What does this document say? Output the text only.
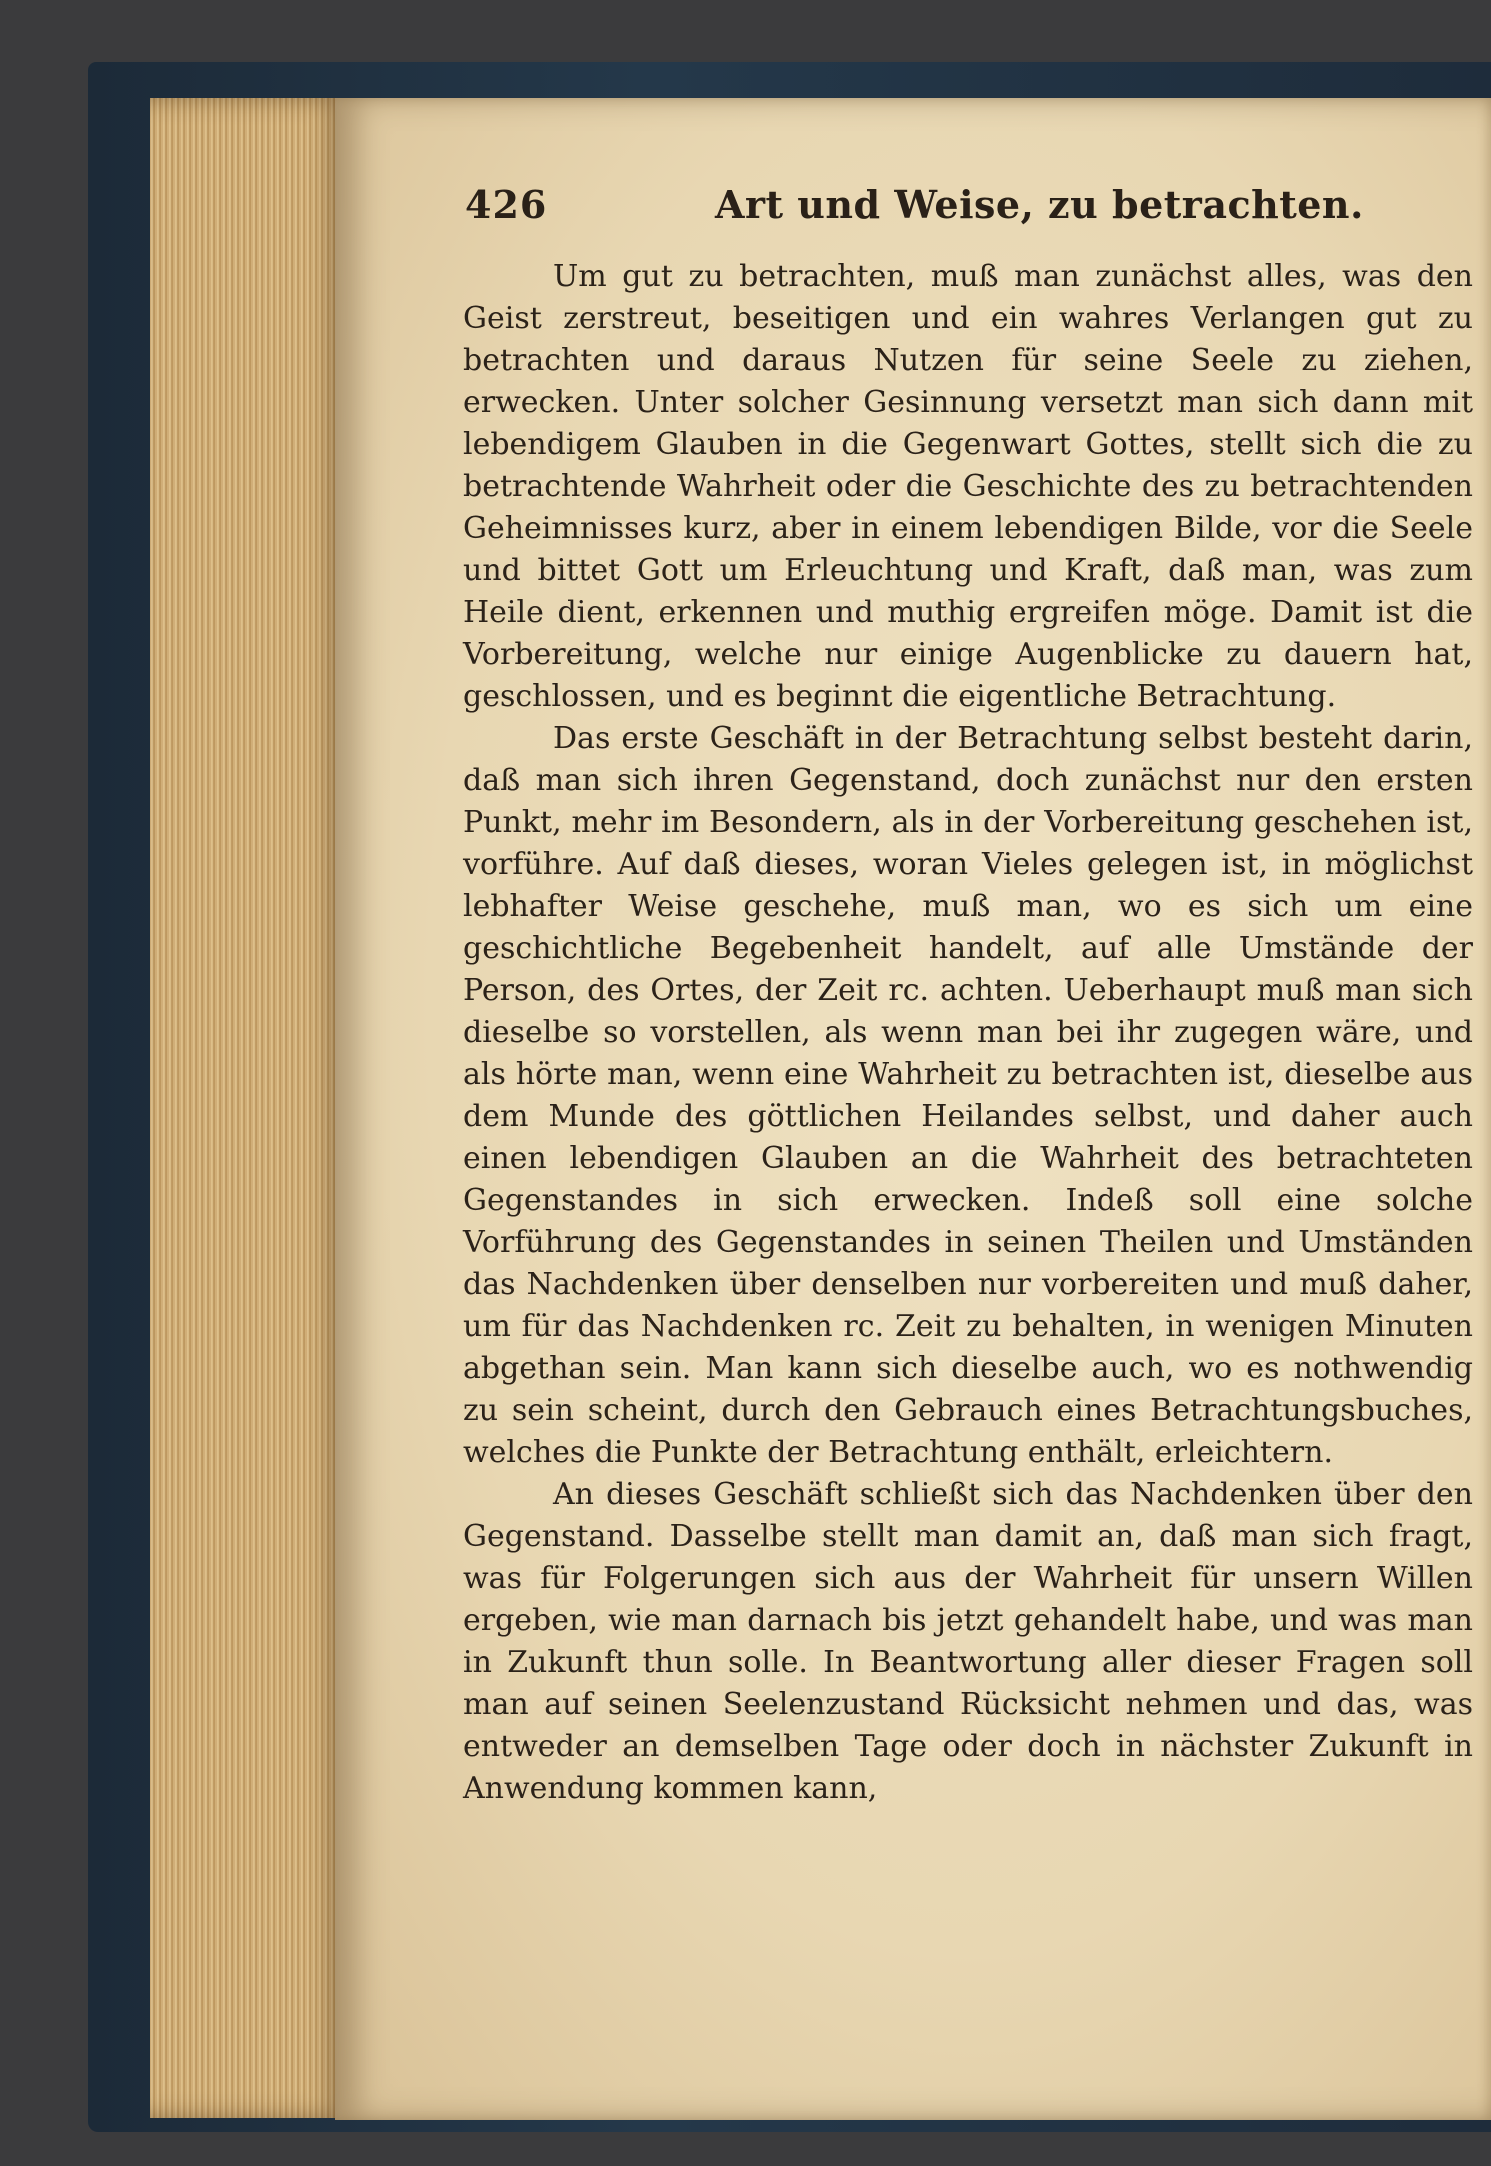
426	Art und Weise, zu betrachten.

Um gut zu betrachten, muß man zunächst alles, was den Geist zerstreut, beseitigen und ein wahres Verlangen gut zu betrachten und daraus Nutzen für seine Seele zu ziehen, erwecken. Unter solcher Gesinnung versetzt man sich dann mit lebendigem Glauben in die Gegenwart Gottes, stellt sich die zu betrachtende Wahrheit oder die Geschichte des zu betrachtenden Geheimnisses kurz, aber in einem lebendigen Bilde, vor die Seele und bittet Gott um Erleuchtung und Kraft, daß man, was zum Heile dient, erkennen und muthig ergreifen möge. Damit ist die Vorbereitung, welche nur einige Augenblicke zu dauern hat, geschlossen, und es beginnt die eigentliche Betrachtung.

Das erste Geschäft in der Betrachtung selbst besteht darin, daß man sich ihren Gegenstand, doch zunächst nur den ersten Punkt, mehr im Besondern, als in der Vorbereitung geschehen ist, vorführe. Auf daß dieses, woran Vieles gelegen ist, in möglichst lebhafter Weise geschehe, muß man, wo es sich um eine geschichtliche Begebenheit handelt, auf alle Umstände der Person, des Ortes, der Zeit rc. achten. Ueberhaupt muß man sich dieselbe so vorstellen, als wenn man bei ihr zugegen wäre, und als hörte man, wenn eine Wahrheit zu betrachten ist, dieselbe aus dem Munde des göttlichen Heilandes selbst, und daher auch einen lebendigen Glauben an die Wahrheit des betrachteten Gegenstandes in sich erwecken. Indeß soll eine solche Vorführung des Gegenstandes in seinen Theilen und Umständen das Nachdenken über denselben nur vorbereiten und muß daher, um für das Nachdenken rc. Zeit zu behalten, in wenigen Minuten abgethan sein. Man kann sich dieselbe auch, wo es nothwendig zu sein scheint, durch den Gebrauch eines Betrachtungsbuches, welches die Punkte der Betrachtung enthält, erleichtern.

An dieses Geschäft schließt sich das Nachdenken über den Gegenstand. Dasselbe stellt man damit an, daß man sich fragt, was für Folgerungen sich aus der Wahrheit für unsern Willen ergeben, wie man darnach bis jetzt gehandelt habe, und was man in Zukunft thun solle. In Beantwortung aller dieser Fragen soll man auf seinen Seelenzustand Rücksicht nehmen und das, was entweder an demselben Tage oder doch in nächster Zukunft in Anwendung kommen kann,
